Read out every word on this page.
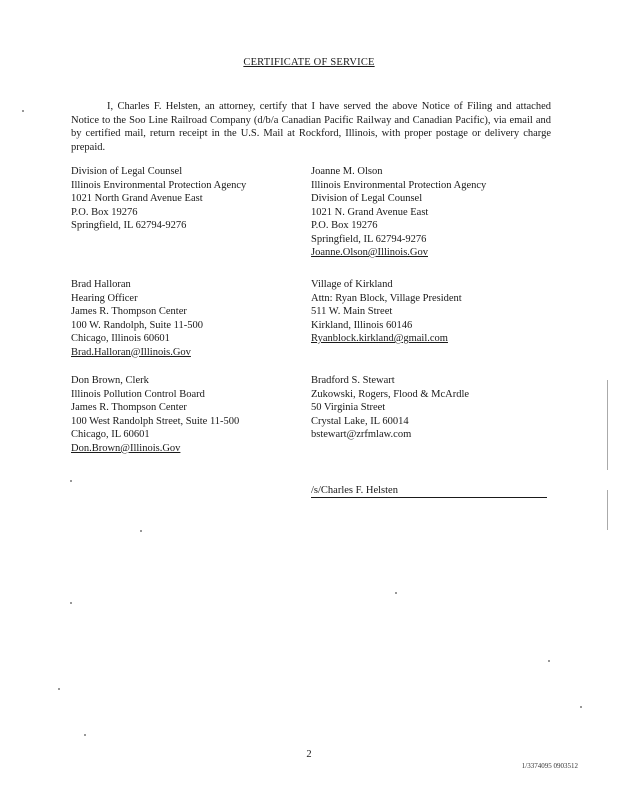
CERTIFICATE OF SERVICE
I, Charles F. Helsten, an attorney, certify that I have served the above Notice of Filing and attached Notice to the Soo Line Railroad Company (d/b/a Canadian Pacific Railway and Canadian Pacific), via email and by certified mail, return receipt in the U.S. Mail at Rockford, Illinois, with proper postage or delivery charge prepaid.
Division of Legal Counsel
Illinois Environmental Protection Agency
1021 North Grand Avenue East
P.O. Box 19276
Springfield, IL 62794-9276
Joanne M. Olson
Illinois Environmental Protection Agency
Division of Legal Counsel
1021 N. Grand Avenue East
P.O. Box 19276
Springfield, IL 62794-9276
Joanne.Olson@Illinois.Gov
Brad Halloran
Hearing Officer
James R. Thompson Center
100 W. Randolph, Suite 11-500
Chicago, Illinois 60601
Brad.Halloran@Illinois.Gov
Village of Kirkland
Attn: Ryan Block, Village President
511 W. Main Street
Kirkland, Illinois 60146
Ryanblock.kirkland@gmail.com
Don Brown, Clerk
Illinois Pollution Control Board
James R. Thompson Center
100 West Randolph Street, Suite 11-500
Chicago, IL 60601
Don.Brown@Illinois.Gov
Bradford S. Stewart
Zukowski, Rogers, Flood & McArdle
50 Virginia Street
Crystal Lake, IL 60014
bstewart@zrfmlaw.com
/s/Charles F. Helsten
2
1/3374095 0903512
